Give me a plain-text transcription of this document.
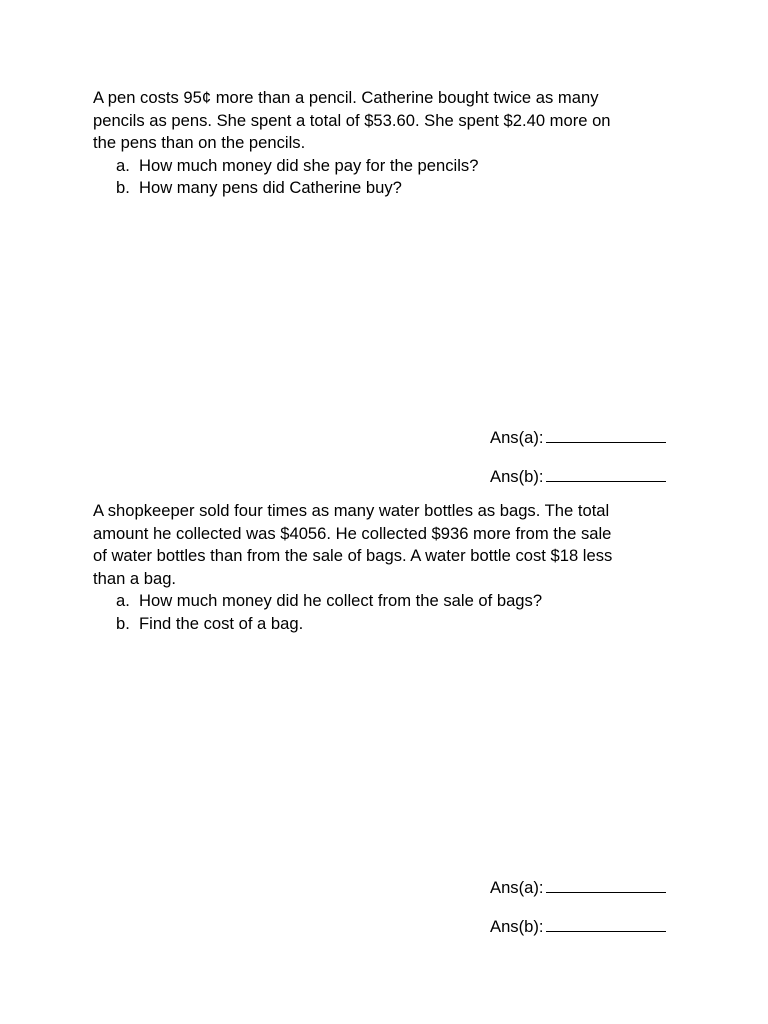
A pen costs 95¢ more than a pencil. Catherine bought twice as many
pencils as pens. She spent a total of $53.60. She spent $2.40 more on
the pens than on the pencils.

a. How much money did she pay for the pencils?
b. How many pens did Catherine buy?
Ans(a):
Ans(b):

A shopkeeper sold four times as many water bottles as bags. The total
amount he collected was $4056. He collected $936 more from the sale
of water bottles than from the sale of bags. A water bottle cost $18 less
than a bag.

a. How much money did he collect from the sale of bags?
b. Find the cost of a bag.
Ans(a):
Ans(b):
